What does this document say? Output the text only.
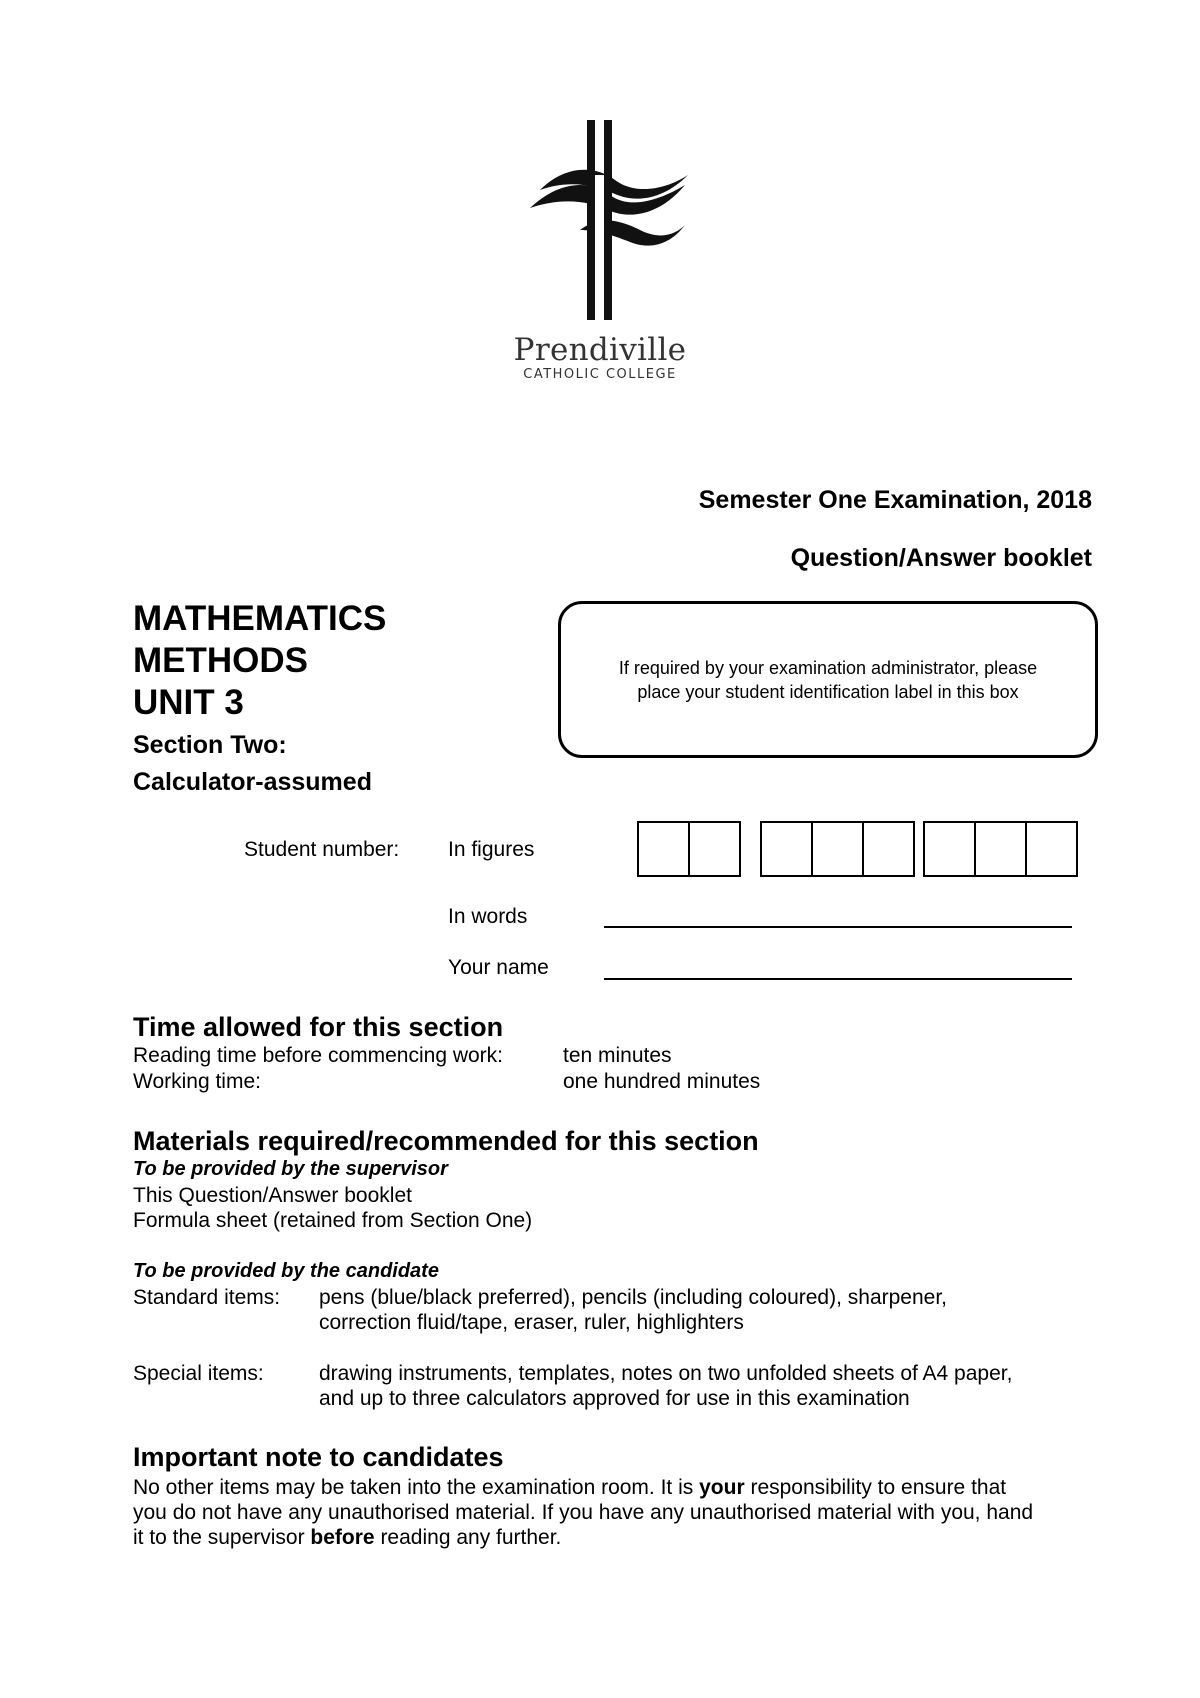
Prendiville
CATHOLIC COLLEGE
Semester One Examination, 2018
Question/Answer booklet
MATHEMATICS
METHODS
UNIT 3
Section Two:
Calculator-assumed
If required by your examination administrator, please
place your student identification label in this box
Student number: In figures
In words
Your name
Time allowed for this section
Reading time before commencing work:	ten minutes
Working time:	one hundred minutes
Materials required/recommended for this section
To be provided by the supervisor
This Question/Answer booklet
Formula sheet (retained from Section One)
To be provided by the candidate
Standard items: pens (blue/black preferred), pencils (including coloured), sharpener,
correction fluid/tape, eraser, ruler, highlighters
Special items:	drawing instruments, templates, notes on two unfolded sheets of A4 paper,
and up to three calculators approved for use in this examination
Important note to candidates
No other items may be taken into the examination room. It is your responsibility to ensure that
you do not have any unauthorised material. If you have any unauthorised material with you, hand
it to the supervisor before reading any further.
